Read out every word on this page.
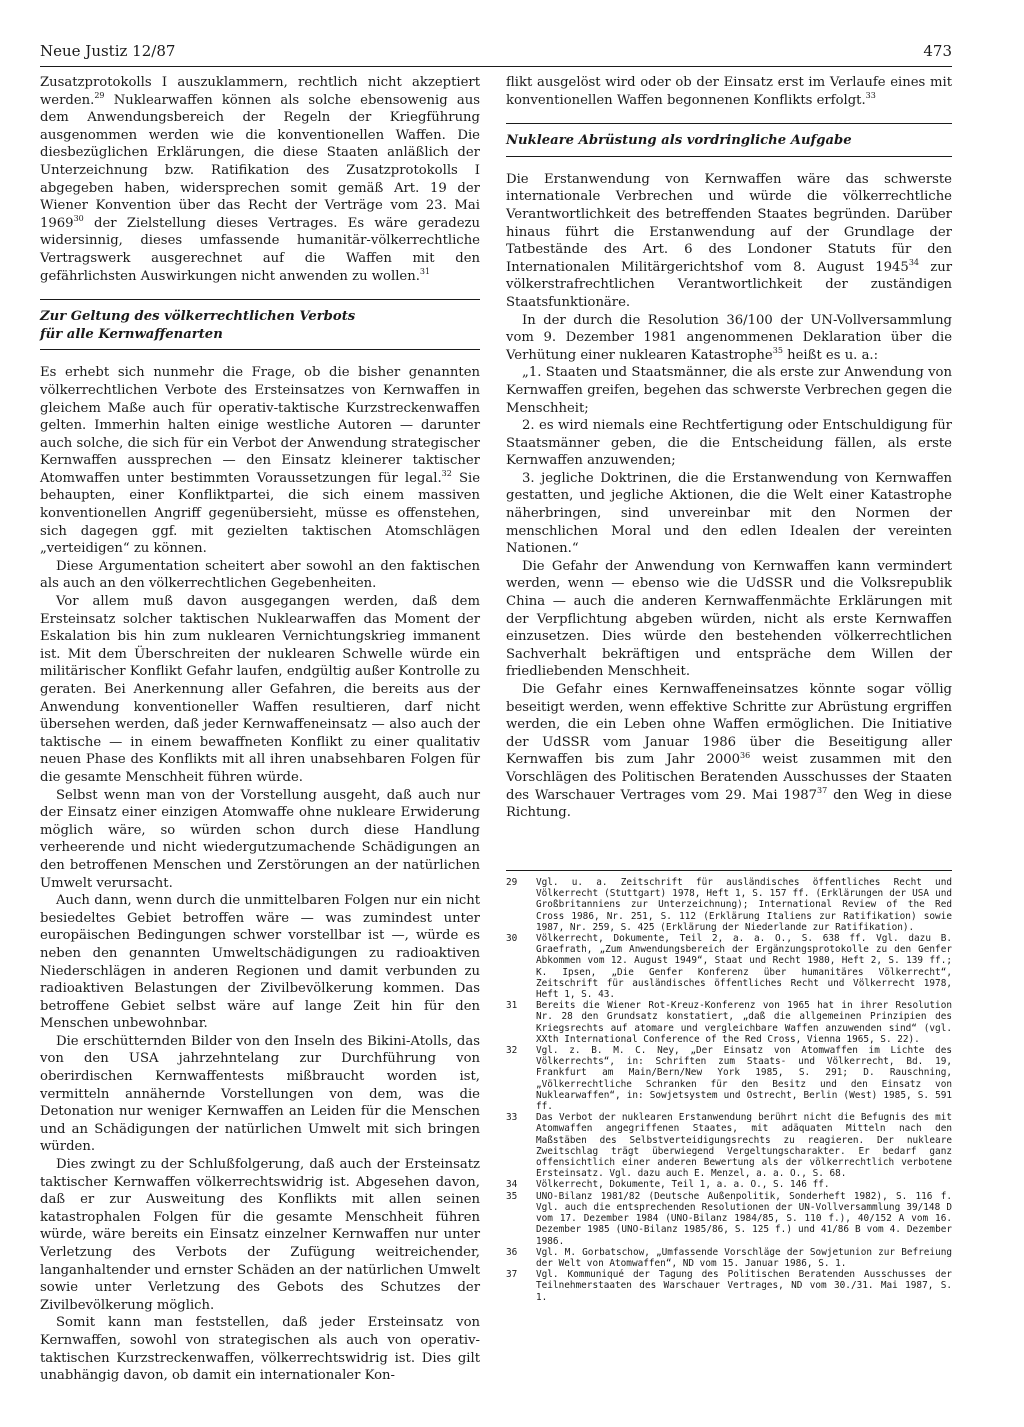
Neue Justiz 12/87	473

Zusatzprotokolls I auszuklammern, rechtlich nicht akzeptiert werden.$^{29}$ Nuklearwaffen können als solche ebensowenig aus dem Anwendungsbereich der Regeln der Kriegführung ausgenommen werden wie die konventionellen Waffen. Die diesbezüglichen Erklärungen, die diese Staaten anläßlich der Unterzeichnung bzw. Ratifikation des Zusatzprotokolls I abgegeben haben, widersprechen somit gemäß Art. 19 der Wiener Konvention über das Recht der Verträge vom 23. Mai 1969$^{30}$ der Zielstellung dieses Vertrages. Es wäre geradezu widersinnig, dieses umfassende humanitär-völkerrechtliche Vertragswerk ausgerechnet auf die Waffen mit den gefährlichsten Auswirkungen nicht anwenden zu wollen.$^{31}$

Zur Geltung des völkerrechtlichen Verbots
für alle Kernwaffenarten

Es erhebt sich nunmehr die Frage, ob die bisher genannten völkerrechtlichen Verbote des Ersteinsatzes von Kernwaffen in gleichem Maße auch für operativ-taktische Kurzstreckenwaffen gelten. Immerhin halten einige westliche Autoren — darunter auch solche, die sich für ein Verbot der Anwendung strategischer Kernwaffen aussprechen — den Einsatz kleinerer taktischer Atomwaffen unter bestimmten Voraussetzungen für legal.$^{32}$ Sie behaupten, einer Konfliktpartei, die sich einem massiven konventionellen Angriff gegenübersieht, müsse es offenstehen, sich dagegen ggf. mit gezielten taktischen Atomschlägen „verteidigen“ zu können.

Diese Argumentation scheitert aber sowohl an den faktischen als auch an den völkerrechtlichen Gegebenheiten.

Vor allem muß davon ausgegangen werden, daß dem Ersteinsatz solcher taktischen Nuklearwaffen das Moment der Eskalation bis hin zum nuklearen Vernichtungskrieg immanent ist. Mit dem Überschreiten der nuklearen Schwelle würde ein militärischer Konflikt Gefahr laufen, endgültig außer Kontrolle zu geraten. Bei Anerkennung aller Gefahren, die bereits aus der Anwendung konventioneller Waffen resultieren, darf nicht übersehen werden, daß jeder Kernwaffeneinsatz — also auch der taktische — in einem bewaffneten Konflikt zu einer qualitativ neuen Phase des Konflikts mit all ihren unabsehbaren Folgen für die gesamte Menschheit führen würde.

Selbst wenn man von der Vorstellung ausgeht, daß auch nur der Einsatz einer einzigen Atomwaffe ohne nukleare Erwiderung möglich wäre, so würden schon durch diese Handlung verheerende und nicht wiedergutzumachende Schädigungen an den betroffenen Menschen und Zerstörungen an der natürlichen Umwelt verursacht.

Auch dann, wenn durch die unmittelbaren Folgen nur ein nicht besiedeltes Gebiet betroffen wäre — was zumindest unter europäischen Bedingungen schwer vorstellbar ist —, würde es neben den genannten Umweltschädigungen zu radioaktiven Niederschlägen in anderen Regionen und damit verbunden zu radioaktiven Belastungen der Zivilbevölkerung kommen. Das betroffene Gebiet selbst wäre auf lange Zeit hin für den Menschen unbewohnbar.

Die erschütternden Bilder von den Inseln des Bikini-Atolls, das von den USA jahrzehntelang zur Durchführung von oberirdischen Kernwaffentests mißbraucht worden ist, vermitteln annähernde Vorstellungen von dem, was die Detonation nur weniger Kernwaffen an Leiden für die Menschen und an Schädigungen der natürlichen Umwelt mit sich bringen würden.

Dies zwingt zu der Schlußfolgerung, daß auch der Ersteinsatz taktischer Kernwaffen völkerrechtswidrig ist. Abgesehen davon, daß er zur Ausweitung des Konflikts mit allen seinen katastrophalen Folgen für die gesamte Menschheit führen würde, wäre bereits ein Einsatz einzelner Kernwaffen nur unter Verletzung des Verbots der Zufügung weitreichender, langanhaltender und ernster Schäden an der natürlichen Umwelt sowie unter Verletzung des Gebots des Schutzes der Zivilbevölkerung möglich.

Somit kann man feststellen, daß jeder Ersteinsatz von Kernwaffen, sowohl von strategischen als auch von operativ-taktischen Kurzstreckenwaffen, völkerrechtswidrig ist. Dies gilt unabhängig davon, ob damit ein internationaler Kon-

flikt ausgelöst wird oder ob der Einsatz erst im Verlaufe eines mit konventionellen Waffen begonnenen Konflikts erfolgt.$^{33}$

Nukleare Abrüstung als vordringliche Aufgabe

Die Erstanwendung von Kernwaffen wäre das schwerste internationale Verbrechen und würde die völkerrechtliche Verantwortlichkeit des betreffenden Staates begründen. Darüber hinaus führt die Erstanwendung auf der Grundlage der Tatbestände des Art. 6 des Londoner Statuts für den Internationalen Militärgerichtshof vom 8. August 1945$^{34}$ zur völkerstrafrechtlichen Verantwortlichkeit der zuständigen Staatsfunktionäre.

In der durch die Resolution 36/100 der UN-Vollversammlung vom 9. Dezember 1981 angenommenen Deklaration über die Verhütung einer nuklearen Katastrophe$^{35}$ heißt es u. a.:

„1. Staaten und Staatsmänner, die als erste zur Anwendung von Kernwaffen greifen, begehen das schwerste Verbrechen gegen die Menschheit;

2. es wird niemals eine Rechtfertigung oder Entschuldigung für Staatsmänner geben, die die Entscheidung fällen, als erste Kernwaffen anzuwenden;

3. jegliche Doktrinen, die die Erstanwendung von Kernwaffen gestatten, und jegliche Aktionen, die die Welt einer Katastrophe näherbringen, sind unvereinbar mit den Normen der menschlichen Moral und den edlen Idealen der vereinten Nationen.“

Die Gefahr der Anwendung von Kernwaffen kann vermindert werden, wenn — ebenso wie die UdSSR und die Volksrepublik China — auch die anderen Kernwaffenmächte Erklärungen mit der Verpflichtung abgeben würden, nicht als erste Kernwaffen einzusetzen. Dies würde den bestehenden völkerrechtlichen Sachverhalt bekräftigen und entspräche dem Willen der friedliebenden Menschheit.

Die Gefahr eines Kernwaffeneinsatzes könnte sogar völlig beseitigt werden, wenn effektive Schritte zur Abrüstung ergriffen werden, die ein Leben ohne Waffen ermöglichen. Die Initiative der UdSSR vom Januar 1986 über die Beseitigung aller Kernwaffen bis zum Jahr 2000$^{36}$ weist zusammen mit den Vorschlägen des Politischen Beratenden Ausschusses der Staaten des Warschauer Vertrages vom 29. Mai 1987$^{37}$ den Weg in diese Richtung.

29 Vgl. u. a. Zeitschrift für ausländisches öffentliches Recht und Völkerrecht (Stuttgart) 1978, Heft 1, S. 157 ff. (Erklärungen der USA und Großbritanniens zur Unterzeichnung); International Review of the Red Cross 1986, Nr. 251, S. 112 (Erklärung Italiens zur Ratifikation) sowie 1987, Nr. 259, S. 425 (Erklärung der Niederlande zur Ratifikation).
30 Völkerrecht, Dokumente, Teil 2, a. a. O., S. 638 ff. Vgl. dazu B. Graefrath, „Zum Anwendungsbereich der Ergänzungsprotokolle zu den Genfer Abkommen vom 12. August 1949“, Staat und Recht 1980, Heft 2, S. 139 ff.; K. Ipsen, „Die Genfer Konferenz über humanitäres Völkerrecht“, Zeitschrift für ausländisches öffentliches Recht und Völkerrecht 1978, Heft 1, S. 43.
31 Bereits die Wiener Rot-Kreuz-Konferenz von 1965 hat in ihrer Resolution Nr. 28 den Grundsatz konstatiert, „daß die allgemeinen Prinzipien des Kriegsrechts auf atomare und vergleichbare Waffen anzuwenden sind“ (vgl. XXth International Conference of the Red Cross, Vienna 1965, S. 22).
32 Vgl. z. B. M. C. Ney, „Der Einsatz von Atomwaffen im Lichte des Völkerrechts“, in: Schriften zum Staats- und Völkerrecht, Bd. 19, Frankfurt am Main/Bern/New York 1985, S. 291; D. Rauschning, „Völkerrechtliche Schranken für den Besitz und den Einsatz von Nuklearwaffen“, in: Sowjetsystem und Ostrecht, Berlin (West) 1985, S. 591 ff.
33 Das Verbot der nuklearen Erstanwendung berührt nicht die Befugnis des mit Atomwaffen angegriffenen Staates, mit adäquaten Mitteln nach den Maßstäben des Selbstverteidigungsrechts zu reagieren. Der nukleare Zweitschlag trägt überwiegend Vergeltungscharakter. Er bedarf ganz offensichtlich einer anderen Bewertung als der völkerrechtlich verbotene Ersteinsatz. Vgl. dazu auch E. Menzel, a. a. O., S. 68.
34 Völkerrecht, Dokumente, Teil 1, a. a. O., S. 146 ff.
35 UNO-Bilanz 1981/82 (Deutsche Außenpolitik, Sonderheft 1982), S. 116 f. Vgl. auch die entsprechenden Resolutionen der UN-Vollversammlung 39/148 D vom 17. Dezember 1984 (UNO-Bilanz 1984/85, S. 110 f.), 40/152 A vom 16. Dezember 1985 (UNO-Bilanz 1985/86, S. 125 f.) und 41/86 B vom 4. Dezember 1986.
36 Vgl. M. Gorbatschow, „Umfassende Vorschläge der Sowjetunion zur Befreiung der Welt von Atomwaffen“, ND vom 15. Januar 1986, S. 1.
37 Vgl. Kommuniqué der Tagung des Politischen Beratenden Ausschusses der Teilnehmerstaaten des Warschauer Vertrages, ND vom 30./31. Mai 1987, S. 1.
